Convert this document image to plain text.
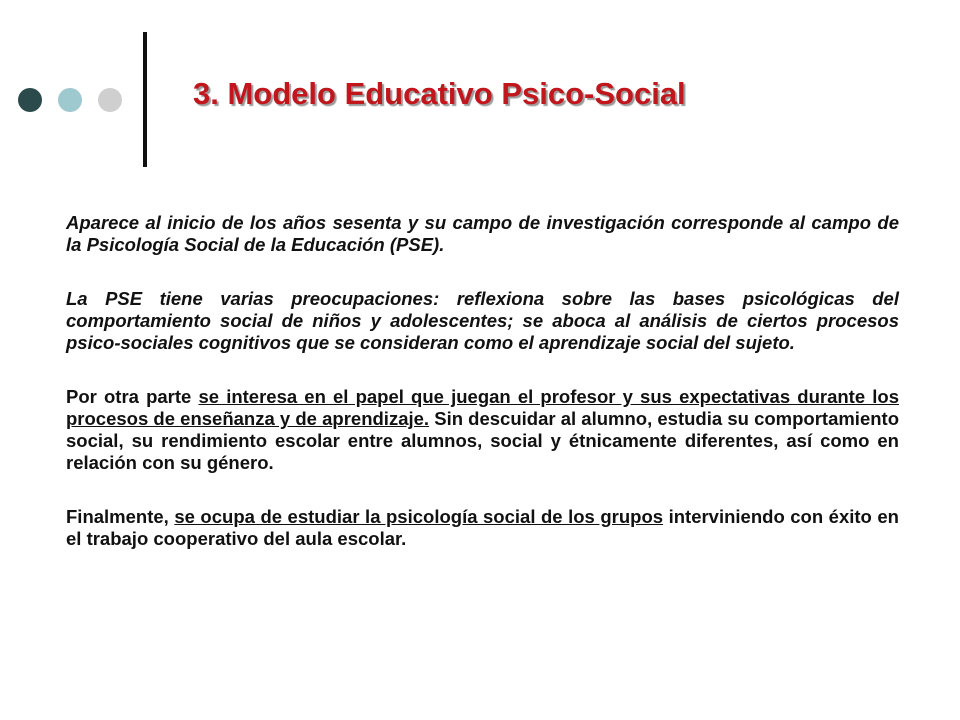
3. Modelo Educativo Psico-Social

Aparece al inicio de los años sesenta y su campo de investigación corresponde al campo de la Psicología Social de la Educación (PSE).

La PSE tiene varias preocupaciones: reflexiona sobre las bases psicológicas del comportamiento social de niños y adolescentes; se aboca al análisis de ciertos procesos psico-sociales cognitivos que se consideran como el aprendizaje social del sujeto.

Por otra parte se interesa en el papel que juegan el profesor y sus expectativas durante los procesos de enseñanza y de aprendizaje. Sin descuidar al alumno, estudia su comportamiento social, su rendimiento escolar entre alumnos, social y étnicamente diferentes, así como en relación con su género.

Finalmente, se ocupa de estudiar la psicología social de los grupos interviniendo con éxito en el trabajo cooperativo del aula escolar.
